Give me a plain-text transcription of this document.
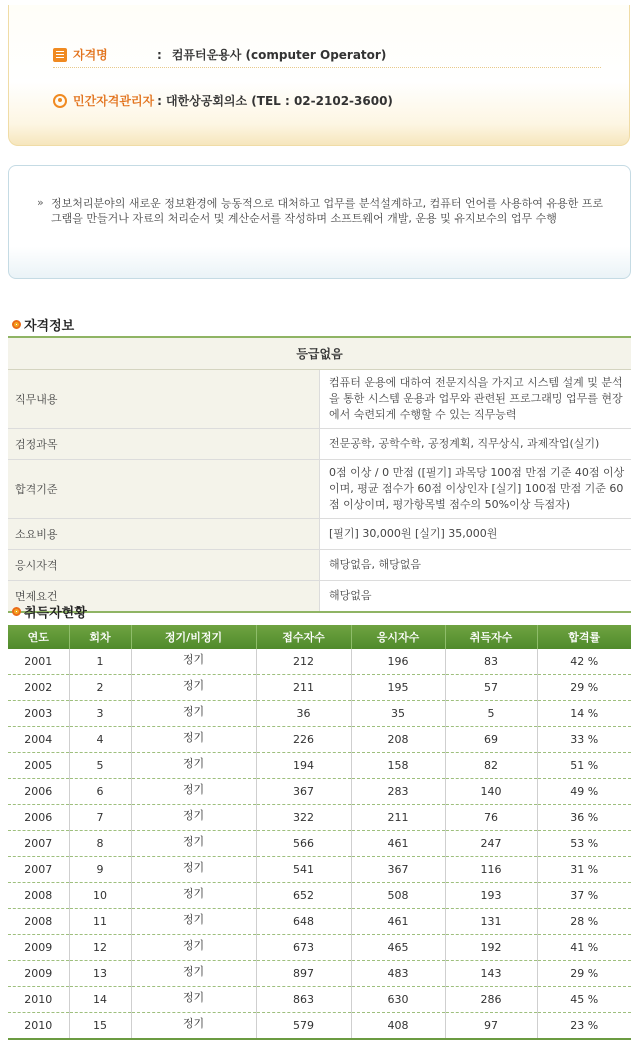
자격명	: 컴퓨터운용사 (computer Operator)
민간자격관리자 : 대한상공회의소 (TEL : 02-2102-3600)
» 정보처리분야의 새로운 정보환경에 능동적으로 대처하고 업무를 분석설계하고, 컴퓨터 언어를 사용하여 유용한 프로그램을 만들거나 자료의 처리순서 및 계산순서를 작성하며 소프트웨어 개발, 운용 및 유지보수의 업무 수행
자격정보
등급없음	
직무내용	컴퓨터 운용에 대하여 전문지식을 가지고 시스템 설계 및 분석을 통한 시스템 운용과 업무와 관련된 프로그래밍 업무를 현장에서 숙련되게 수행할 수 있는 직무능력
검정과목	전문공학, 공학수학, 공정계획, 직무상식, 과제작업(실기)
합격기준	0점 이상 / 0 만점 ([필기] 과목당 100점 만점 기준 40점 이상이며, 평균 점수가 60점 이상인자 [실기] 100점 만점 기준 60점 이상이며, 평가항목별 점수의 50%이상 득점자)
소요비용	[필기] 30,000원 [실기] 35,000원
응시자격	해당없음, 해당없음
면제요건	해당없음
취득자현황
연도	회차	정기/비정기	접수자수	응시자수	취득자수	합격률
2001	1	정기	212	196	83	42 %
2002	2	정기	211	195	57	29 %
2003	3	정기	36	35	5	14 %
2004	4	정기	226	208	69	33 %
2005	5	정기	194	158	82	51 %
2006	6	정기	367	283	140	49 %
2006	7	정기	322	211	76	36 %
2007	8	정기	566	461	247	53 %
2007	9	정기	541	367	116	31 %
2008	10	정기	652	508	193	37 %
2008	11	정기	648	461	131	28 %
2009	12	정기	673	465	192	41 %
2009	13	정기	897	483	143	29 %
2010	14	정기	863	630	286	45 %
2010	15	정기	579	408	97	23 %
